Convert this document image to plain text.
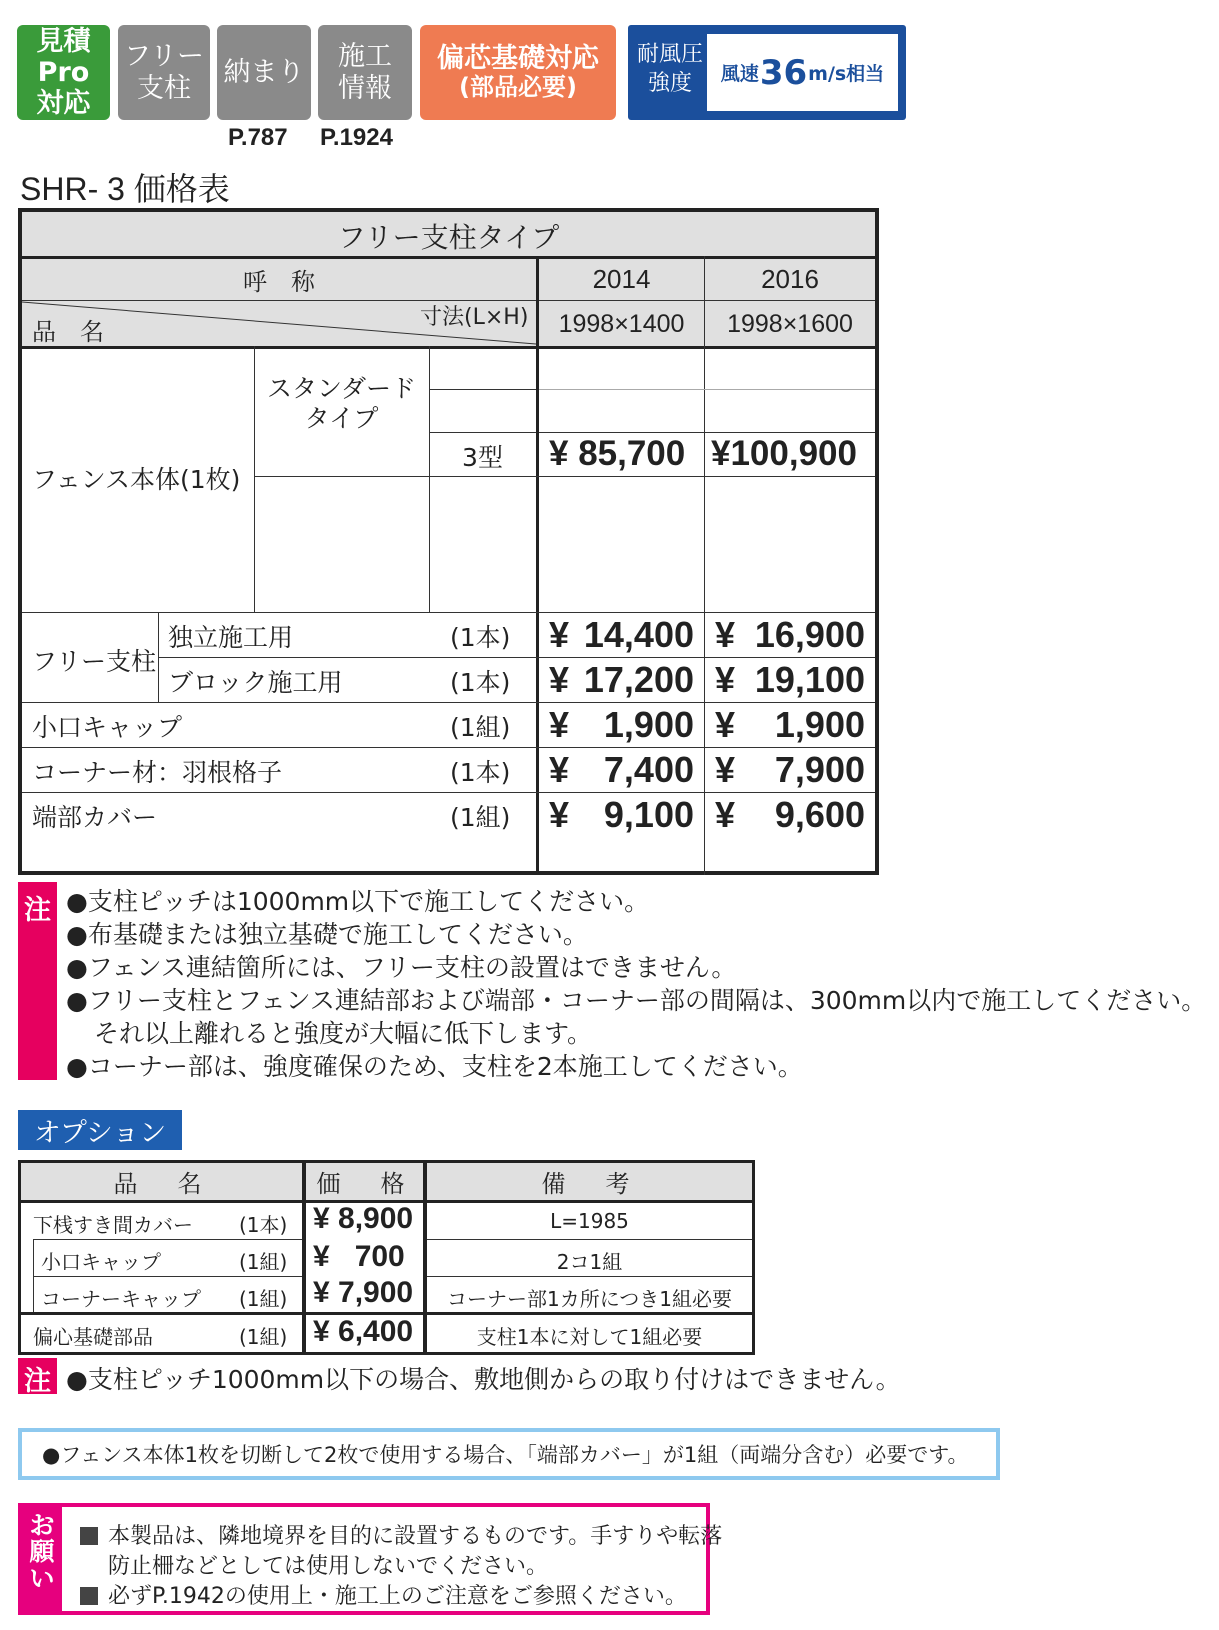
見積Pro
対応
フリー
支柱
納まり
施工
情報
偏芯基礎対応
(部品必要)
耐風圧
強度	風速 36 m/s相当
P.787 P.1924
SHR- 3 価格表
フリー支柱タイプ
呼　称
品　名
寸法(L×H)
2014	2016
1998×1400	1998×1600
フェンス本体(1枚)
スタンダード
タイプ
3型	¥ 85,700 ¥100,900
フリー支柱
独立施工用	(1本) ¥ 14,400 ¥ 16,900
ブロック施工用	(1本) ¥ 17,200 ¥ 19,100
小口キャップ	(1組) ¥ 1,900 ¥ 1,900
コーナー材：羽根格子	(1本) ¥ 7,400 ¥ 7,900
端部カバー	(1組) ¥ 9,100 ¥ 9,600
注 ●支柱ピッチは1000mm以下で施工してください。
●布基礎または独立基礎で施工してください。
●フェンス連結箇所には、フリー支柱の設置はできません。
●フリー支柱とフェンス連結部および端部・コーナー部の間隔は、300mm以内で施工してください。
それ以上離れると強度が大幅に低下します。
●コーナー部は、強度確保のため、支柱を2本施工してください。
オプション
品　名	価　格	備　考
下桟すき間カバー (1本) ¥ 8,900	L=1985
小口キャップ	(1組) ¥   700	2コ1組
コーナーキャップ (1組) ¥ 7,900	コーナー部1カ所につき1組必要
偏心基礎部品	(1組) ¥ 6,400	支柱1本に対して1組必要
注 ●支柱ピッチ1000mm以下の場合、敷地側からの取り付けはできません。
●フェンス本体1枚を切断して2枚で使用する場合、「端部カバー」が1組（両端分含む）必要です。
お
願
い
本製品は、隣地境界を目的に設置するものです。手すりや転落
防止柵などとしては使用しないでください。
必ずP.1942の使用上・施工上のご注意をご参照ください。
